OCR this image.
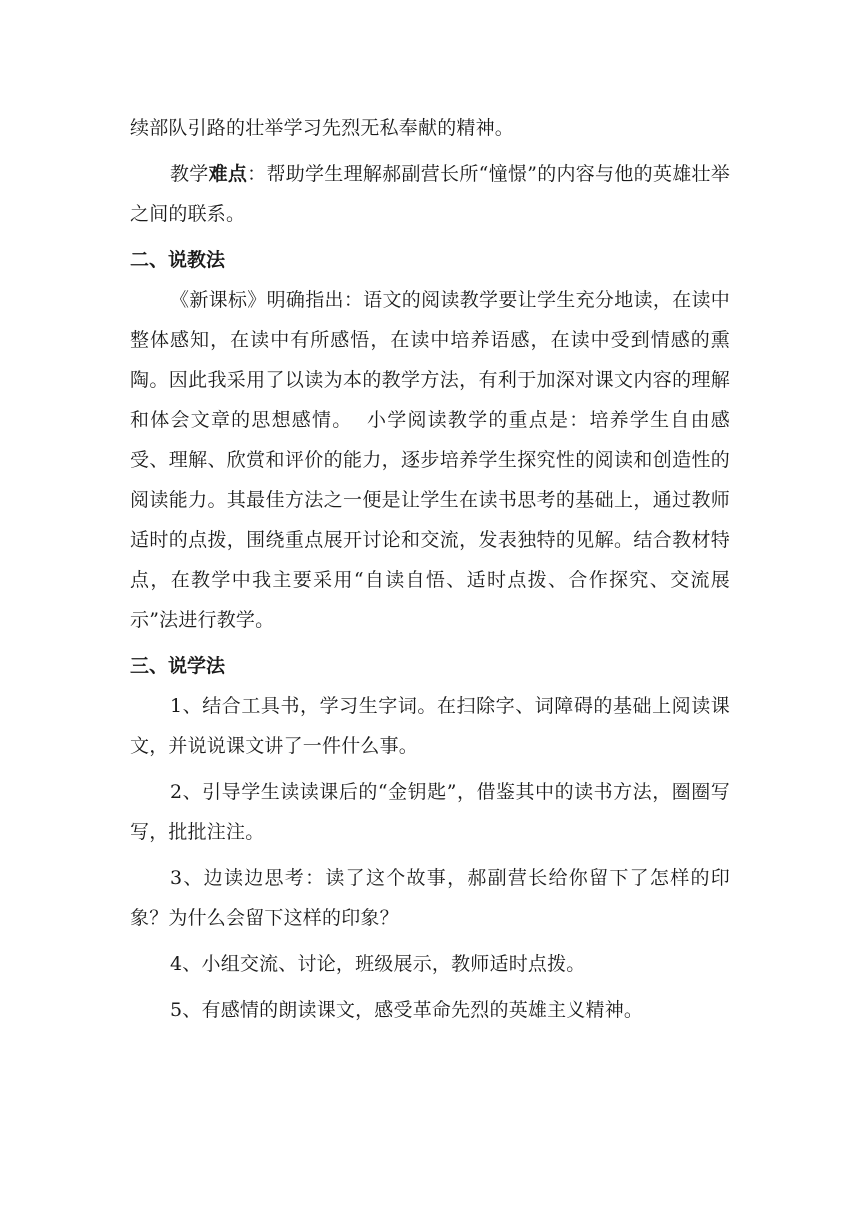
续部队引路的壮举学习先烈无私奉献的精神。

教学难点：帮助学生理解郝副营长所“憧憬”的内容与他的英雄壮举之间的联系。

二、说教法

《新课标》明确指出：语文的阅读教学要让学生充分地读，在读中整体感知，在读中有所感悟，在读中培养语感，在读中受到情感的熏陶。因此我采用了以读为本的教学方法，有利于加深对课文内容的理解和体会文章的思想感情。  小学阅读教学的重点是：培养学生自由感受、理解、欣赏和评价的能力，逐步培养学生探究性的阅读和创造性的阅读能力。其最佳方法之一便是让学生在读书思考的基础上，通过教师适时的点拨，围绕重点展开讨论和交流，发表独特的见解。结合教材特点，在教学中我主要采用“自读自悟、适时点拨、合作探究、交流展示”法进行教学。

三、说学法

1、结合工具书，学习生字词。在扫除字、词障碍的基础上阅读课文，并说说课文讲了一件什么事。

2、引导学生读读课后的“金钥匙”，借鉴其中的读书方法，圈圈写写，批批注注。

3、边读边思考：读了这个故事，郝副营长给你留下了怎样的印象？为什么会留下这样的印象？

4、小组交流、讨论，班级展示，教师适时点拨。

5、有感情的朗读课文，感受革命先烈的英雄主义精神。
